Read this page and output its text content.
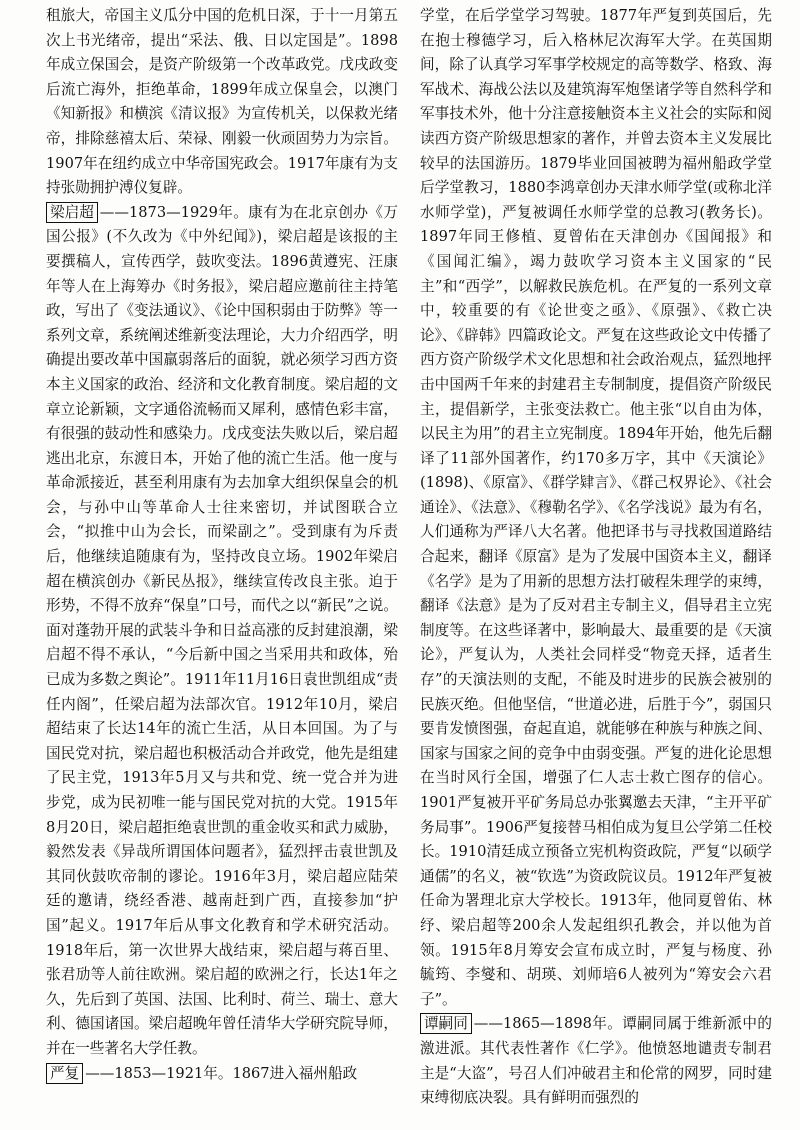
租旅大，帝国主义瓜分中国的危机日深，于十一月第五次上书光绪帝，提出“采法、俄、日以定国是”。1898年成立保国会，是资产阶级第一个改革政党。戊戌政变后流亡海外，拒绝革命，1899年成立保皇会，以澳门《知新报》和横滨《清议报》为宣传机关，以保救光绪帝，排除慈禧太后、荣禄、刚毅一伙顽固势力为宗旨。1907年在纽约成立中华帝国宪政会。1917年康有为支持张勋拥护溥仪复辟。

梁启超 ——1873—1929年。康有为在北京创办《万国公报》(不久改为《中外纪闻》)，梁启超是该报的主要撰稿人，宣传西学，鼓吹变法。1896黄遵宪、汪康年等人在上海筹办《时务报》，梁启超应邀前往主持笔政，写出了《变法通议》、《论中国积弱由于防弊》等一系列文章，系统阐述维新变法理论，大力介绍西学，明确提出要改革中国羸弱落后的面貌，就必须学习西方资本主义国家的政治、经济和文化教育制度。梁启超的文章立论新颖，文字通俗流畅而又犀利，感情色彩丰富，有很强的鼓动性和感染力。戊戌变法失败以后，梁启超逃出北京，东渡日本，开始了他的流亡生活。他一度与革命派接近，甚至利用康有为去加拿大组织保皇会的机会，与孙中山等革命人士往来密切，并试图联合立会，“拟推中山为会长，而梁副之”。受到康有为斥责后，他继续追随康有为，坚持改良立场。1902年梁启超在横滨创办《新民丛报》，继续宣传改良主张。迫于形势，不得不放弃“保皇”口号，而代之以“新民”之说。面对蓬勃开展的武装斗争和日益高涨的反封建浪潮，梁启超不得不承认，“今后新中国之当采用共和政体，殆已成为多数之舆论”。1911年11月16日袁世凯组成“责任内阁”，任梁启超为法部次官。1912年10月，梁启超结束了长达14年的流亡生活，从日本回国。为了与国民党对抗，梁启超也积极活动合并政党，他先是组建了民主党，1913年5月又与共和党、统一党合并为进步党，成为民初唯一能与国民党对抗的大党。1915年8月20日，梁启超拒绝袁世凯的重金收买和武力威胁，毅然发表《异哉所谓国体问题者》，猛烈抨击袁世凯及其同伙鼓吹帝制的谬论。1916年3月，梁启超应陆荣廷的邀请，绕经香港、越南赶到广西，直接参加“护国”起义。1917年后从事文化教育和学术研究活动。1918年后，第一次世界大战结束，梁启超与蒋百里、张君劢等人前往欧洲。梁启超的欧洲之行，长达1年之久，先后到了英国、法国、比利时、荷兰、瑞士、意大利、德国诸国。梁启超晚年曾任清华大学研究院导师，并在一些著名大学任教。

严复 ——1853—1921年。1867进入福州船政

学堂，在后学堂学习驾驶。1877年严复到英国后，先在抱士穆德学习，后入格林尼次海军大学。在英国期间，除了认真学习军事学校规定的高等数学、格致、海军战术、海战公法以及建筑海军炮堡诸学等自然科学和军事技术外，他十分注意接触资本主义社会的实际和阅读西方资产阶级思想家的著作，并曾去资本主义发展比较早的法国游历。1879毕业回国被聘为福州船政学堂后学堂教习，1880李鸿章创办天津水师学堂(或称北洋水师学堂)，严复被调任水师学堂的总教习(教务长)。1897年同王修植、夏曾佑在天津创办《国闻报》和《国闻汇编》，竭力鼓吹学习资本主义国家的“民主”和“西学”，以解救民族危机。在严复的一系列文章中，较重要的有《论世变之亟》、《原强》、《救亡决论》、《辟韩》四篇政论文。严复在这些政论文中传播了西方资产阶级学术文化思想和社会政治观点，猛烈地抨击中国两千年来的封建君主专制制度，提倡资产阶级民主，提倡新学，主张变法救亡。他主张“以自由为体，以民主为用”的君主立宪制度。1894年开始，他先后翻译了11部外国著作，约170多万字，其中《天演论》(1898)、《原富》、《群学肄言》、《群己权界论》、《社会通诠》、《法意》、《穆勒名学》、《名学浅说》最为有名，人们通称为严译八大名著。他把译书与寻找救国道路结合起来，翻译《原富》是为了发展中国资本主义，翻译《名学》是为了用新的思想方法打破程朱理学的束缚，翻译《法意》是为了反对君主专制主义，倡导君主立宪制度等。在这些译著中，影响最大、最重要的是《天演论》，严复认为，人类社会同样受“物竞天择，适者生存”的天演法则的支配，不能及时进步的民族会被别的民族灭绝。但他坚信，“世道必进，后胜于今”，弱国只要肯发愤图强，奋起直追，就能够在种族与种族之间、国家与国家之间的竞争中由弱变强。严复的进化论思想在当时风行全国，增强了仁人志士救亡图存的信心。1901严复被开平矿务局总办张翼邀去天津，“主开平矿务局事”。1906严复接替马相伯成为复旦公学第二任校长。1910清廷成立预备立宪机构资政院，严复“以硕学通儒”的名义，被“钦选”为资政院议员。1912年严复被任命为署理北京大学校长。1913年，他同夏曾佑、林纾、梁启超等200余人发起组织孔教会，并以他为首领。1915年8月筹安会宣布成立时，严复与杨度、孙毓筠、李燮和、胡瑛、刘师培6人被列为“筹安会六君子”。

谭嗣同 ——1865—1898年。谭嗣同属于维新派中的激进派。其代表性著作《仁学》。他愤怒地谴责专制君主是“大盗”，号召人们冲破君主和伦常的网罗，同时建束缚彻底决裂。具有鲜明而强烈的
